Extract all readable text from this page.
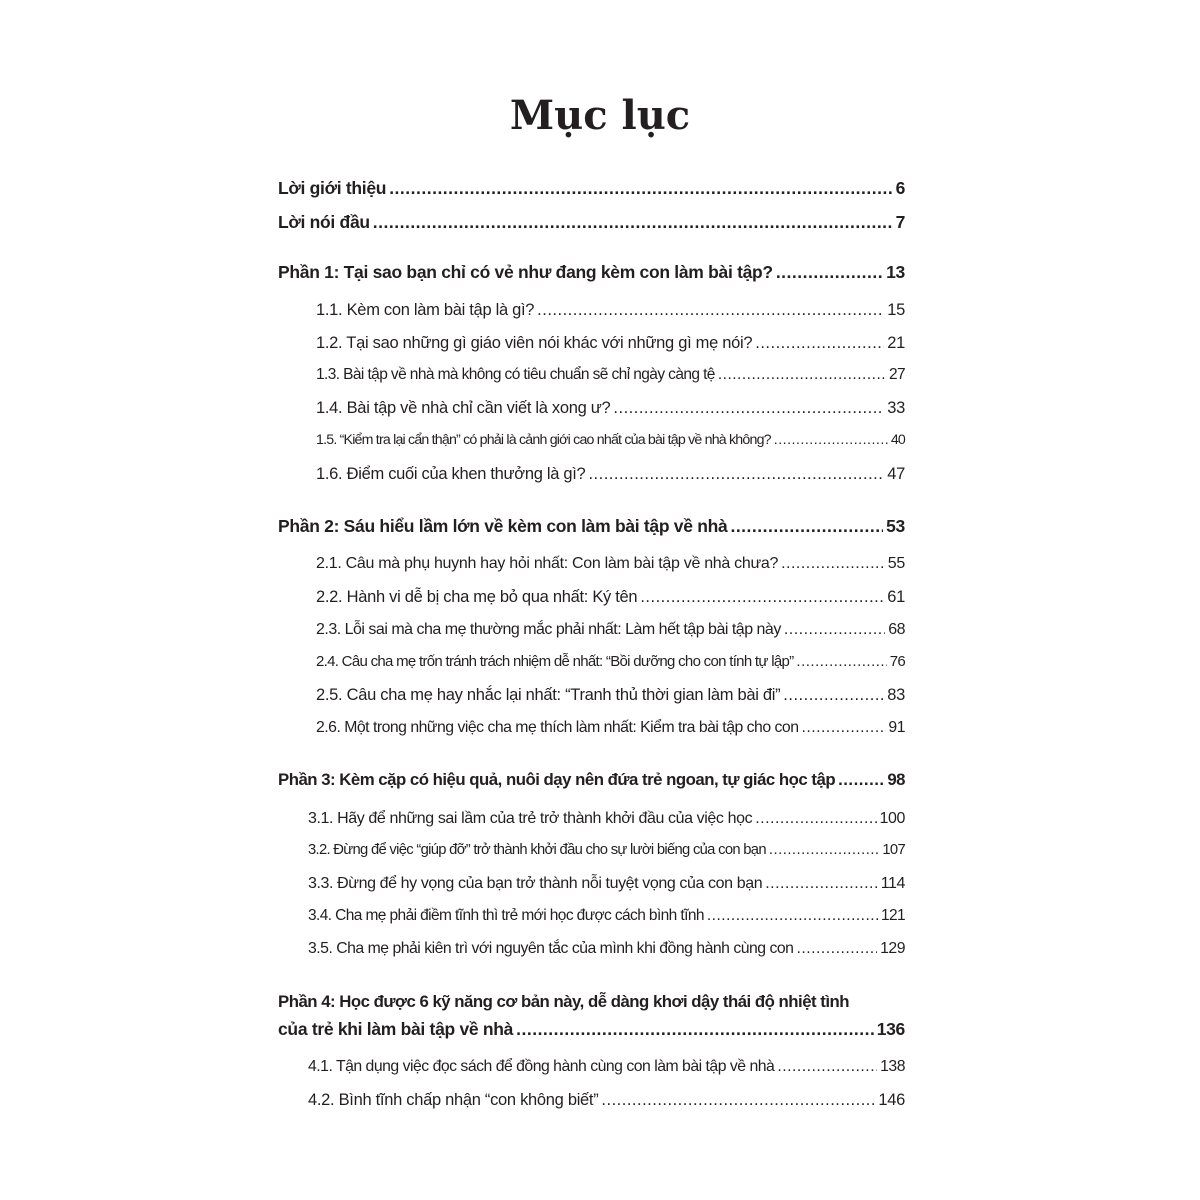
Mục lục
Lời giới thiệu .....	6
Lời nói đầu .....	7
Phần 1: Tại sao bạn chỉ có vẻ như đang kèm con làm bài tập? .....	13
1.1. Kèm con làm bài tập là gì? .....	15
1.2. Tại sao những gì giáo viên nói khác với những gì mẹ nói? .....	21
1.3. Bài tập về nhà mà không có tiêu chuẩn sẽ chỉ ngày càng tệ .....	27
1.4. Bài tập về nhà chỉ cần viết là xong ư? .....	33
1.5. “Kiểm tra lại cẩn thận” có phải là cảnh giới cao nhất của bài tập về nhà không? .....	40
1.6. Điểm cuối của khen thưởng là gì? .....	47
Phần 2: Sáu hiểu lầm lớn về kèm con làm bài tập về nhà .....	53
2.1. Câu mà phụ huynh hay hỏi nhất: Con làm bài tập về nhà chưa? .....	55
2.2. Hành vi dễ bị cha mẹ bỏ qua nhất: Ký tên .....	61
2.3. Lỗi sai mà cha mẹ thường mắc phải nhất: Làm hết tập bài tập này .....	68
2.4. Câu cha mẹ trốn tránh trách nhiệm dễ nhất: “Bồi dưỡng cho con tính tự lập” .....	76
2.5. Câu cha mẹ hay nhắc lại nhất: “Tranh thủ thời gian làm bài đi” .....	83
2.6. Một trong những việc cha mẹ thích làm nhất: Kiểm tra bài tập cho con .....	91
Phần 3: Kèm cặp có hiệu quả, nuôi dạy nên đứa trẻ ngoan, tự giác học tập .....	98
3.1. Hãy để những sai lầm của trẻ trở thành khởi đầu của việc học .....	100
3.2. Đừng để việc “giúp đỡ” trở thành khởi đầu cho sự lười biếng của con bạn .....	107
3.3. Đừng để hy vọng của bạn trở thành nỗi tuyệt vọng của con bạn .....	114
3.4. Cha mẹ phải điềm tĩnh thì trẻ mới học được cách bình tĩnh .....	121
3.5. Cha mẹ phải kiên trì với nguyên tắc của mình khi đồng hành cùng con .....	129
Phần 4: Học được 6 kỹ năng cơ bản này, dễ dàng khơi dậy thái độ nhiệt tình
của trẻ khi làm bài tập về nhà .....	136
4.1. Tận dụng việc đọc sách để đồng hành cùng con làm bài tập về nhà .....	138
4.2. Bình tĩnh chấp nhận “con không biết” .....	146
